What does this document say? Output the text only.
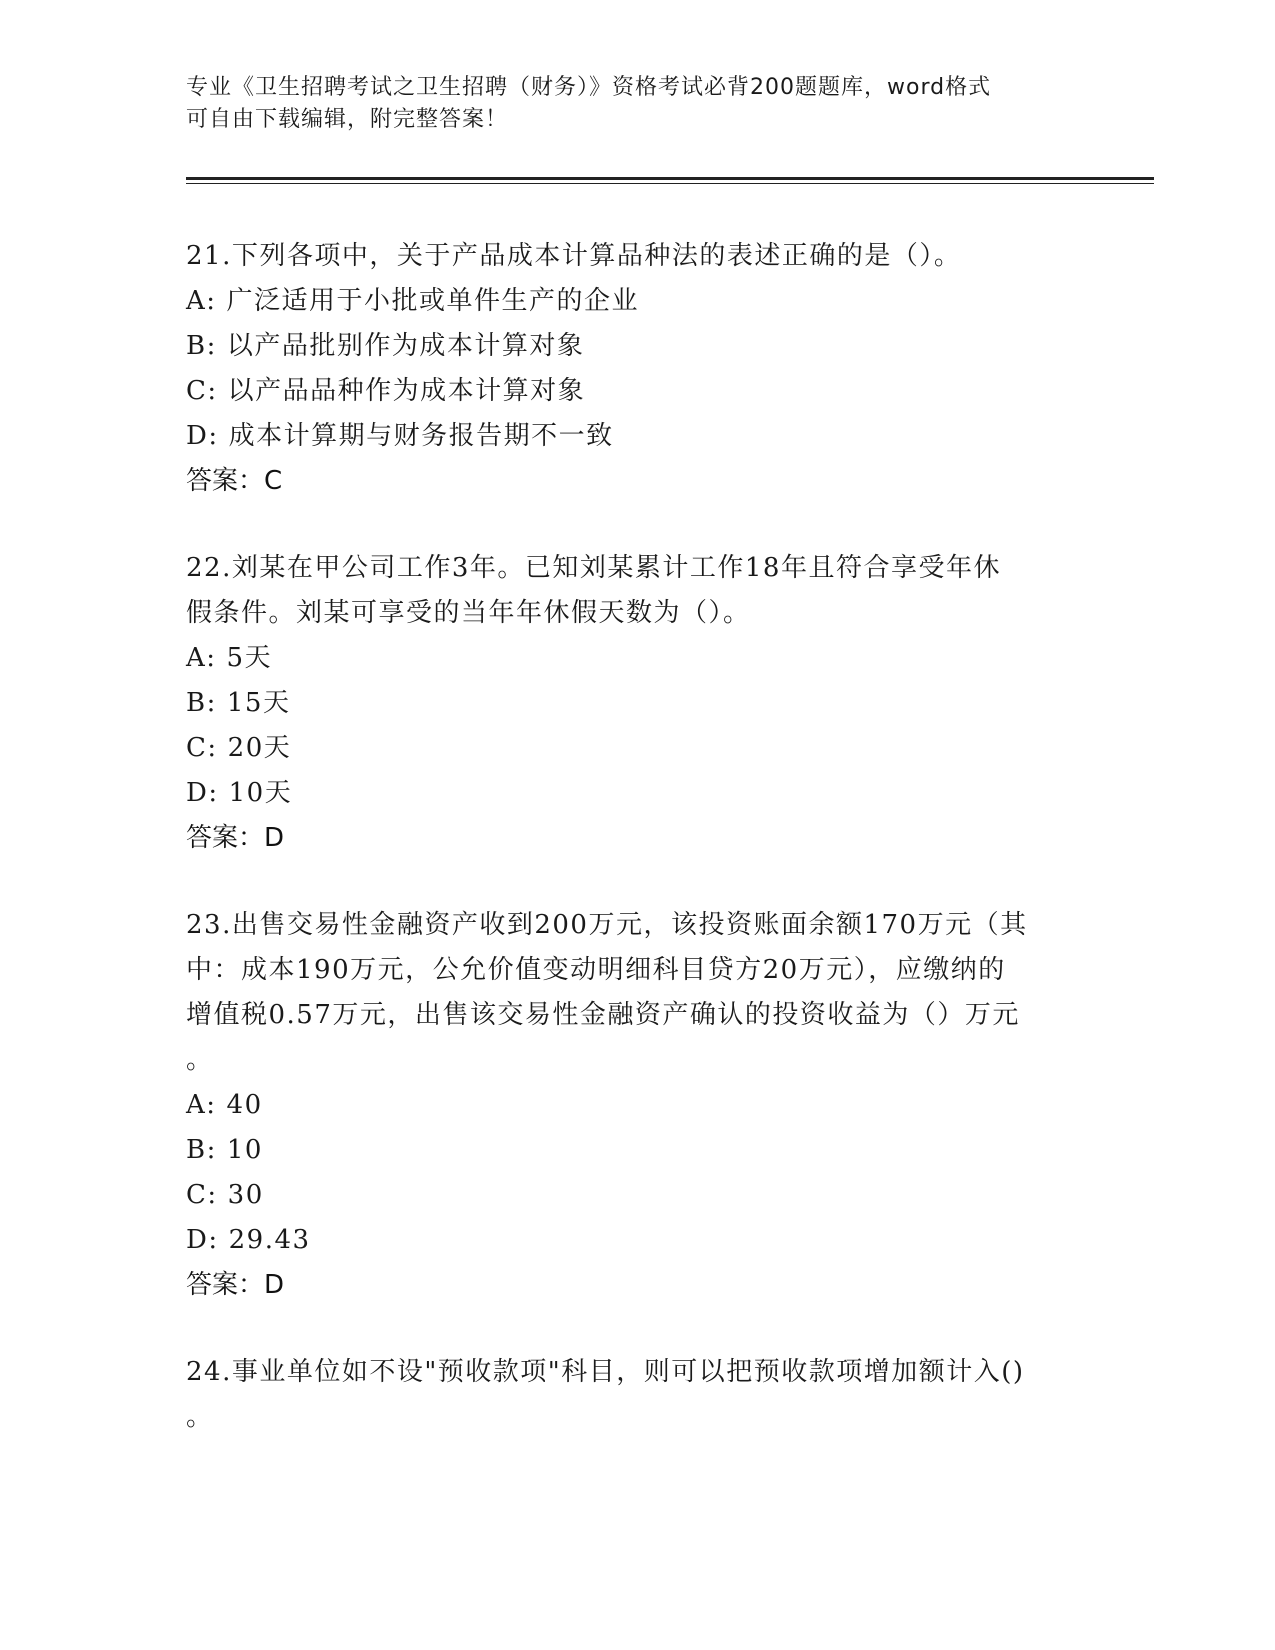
专业《卫生招聘考试之卫生招聘（财务）》资格考试必背200题题库，word格式
可自由下载编辑，附完整答案！
21.下列各项中，关于产品成本计算品种法的表述正确的是（）。
A: 广泛适用于小批或单件生产的企业
B: 以产品批别作为成本计算对象
C: 以产品品种作为成本计算对象
D: 成本计算期与财务报告期不一致
答案：C
22.刘某在甲公司工作3年。已知刘某累计工作18年且符合享受年休
假条件。刘某可享受的当年年休假天数为（）。
A: 5天
B: 15天
C: 20天
D: 10天
答案：D
23.出售交易性金融资产收到200万元，该投资账面余额170万元（其
中：成本190万元，公允价值变动明细科目贷方20万元），应缴纳的
增值税0.57万元，出售该交易性金融资产确认的投资收益为（）万元
。
A: 40
B: 10
C: 30
D: 29.43
答案：D
24.事业单位如不设"预收款项"科目，则可以把预收款项增加额计入()
。
